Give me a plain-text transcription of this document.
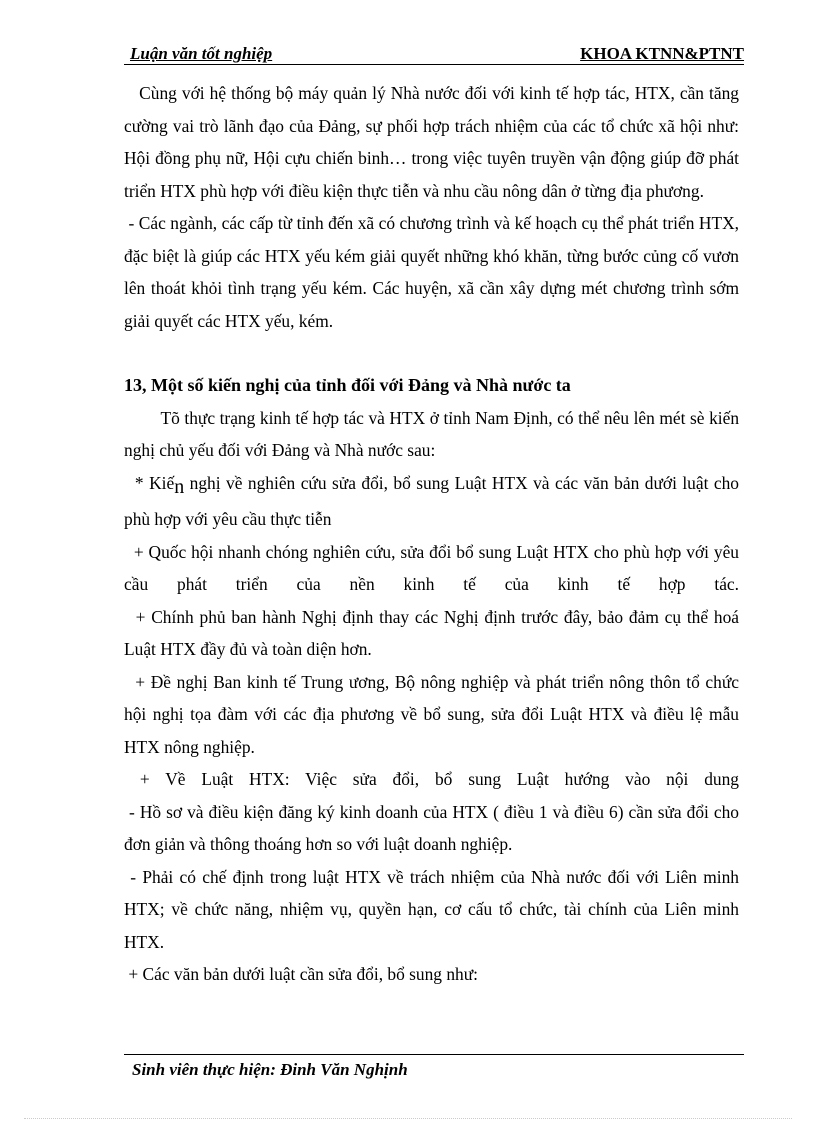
Luận văn tốt nghiệp	KHOA KTNN&PTNT

Cùng với hệ thống bộ máy quản lý Nhà nước đối với kinh tế hợp tác, HTX, cần tăng cường vai trò lãnh đạo của Đảng, sự phối hợp trách nhiệm của các tổ chức xã hội như: Hội đồng phụ nữ, Hội cựu chiến binh… trong việc tuyên truyền vận động giúp đỡ phát triển HTX phù hợp với điều kiện thực tiễn và nhu cầu nông dân ở từng địa phương.

- Các ngành, các cấp từ tỉnh đến xã có chương trình và kế hoạch cụ thể phát triển HTX, đặc biệt là giúp các HTX yếu kém giải quyết những khó khăn, từng bước củng cố vươn lên thoát khỏi tình trạng yếu kém. Các huyện, xã cần xây dựng mét chương trình sớm giải quyết các HTX yếu, kém.

13, Một số kiến nghị của tỉnh đối với Đảng và Nhà nước ta

Tõ thực trạng kinh tế hợp tác và HTX ở tỉnh Nam Định, có thể nêu lên mét sè kiến nghị chủ yếu đối với Đảng và Nhà nước sau:

* Kiến nghị về nghiên cứu sửa đổi, bổ sung Luật HTX và các văn bản dưới luật cho phù hợp với yêu cầu thực tiễn

+ Quốc hội nhanh chóng nghiên cứu, sửa đổi bổ sung Luật HTX cho phù hợp với yêu cầu phát triển của nền kinh tế của kinh tế hợp tác.

+ Chính phủ ban hành Nghị định thay các Nghị định trước đây, bảo đảm cụ thể hoá Luật HTX đầy đủ và toàn diện hơn.

+ Đề nghị Ban kinh tế Trung ương, Bộ nông nghiệp và phát triển nông thôn tổ chức hội nghị tọa đàm với các địa phương về bổ sung, sửa đổi Luật HTX và điều lệ mẫu HTX nông nghiệp.

+ Về Luật HTX: Việc sửa đổi, bổ sung Luật hướng vào nội dung

- Hồ sơ và điều kiện đăng ký kinh doanh của HTX ( điều 1 và điều 6) cần sửa đổi cho đơn giản và thông thoáng hơn so với luật doanh nghiệp.

- Phải có chế định trong luật HTX về trách nhiệm của Nhà nước đối với Liên minh HTX; về chức năng, nhiệm vụ, quyền hạn, cơ cấu tổ chức, tài chính của Liên minh HTX.

+ Các văn bản dưới luật cần sửa đổi, bổ sung như:

Sinh viên thực hiện: Đinh Văn Nghịnh
